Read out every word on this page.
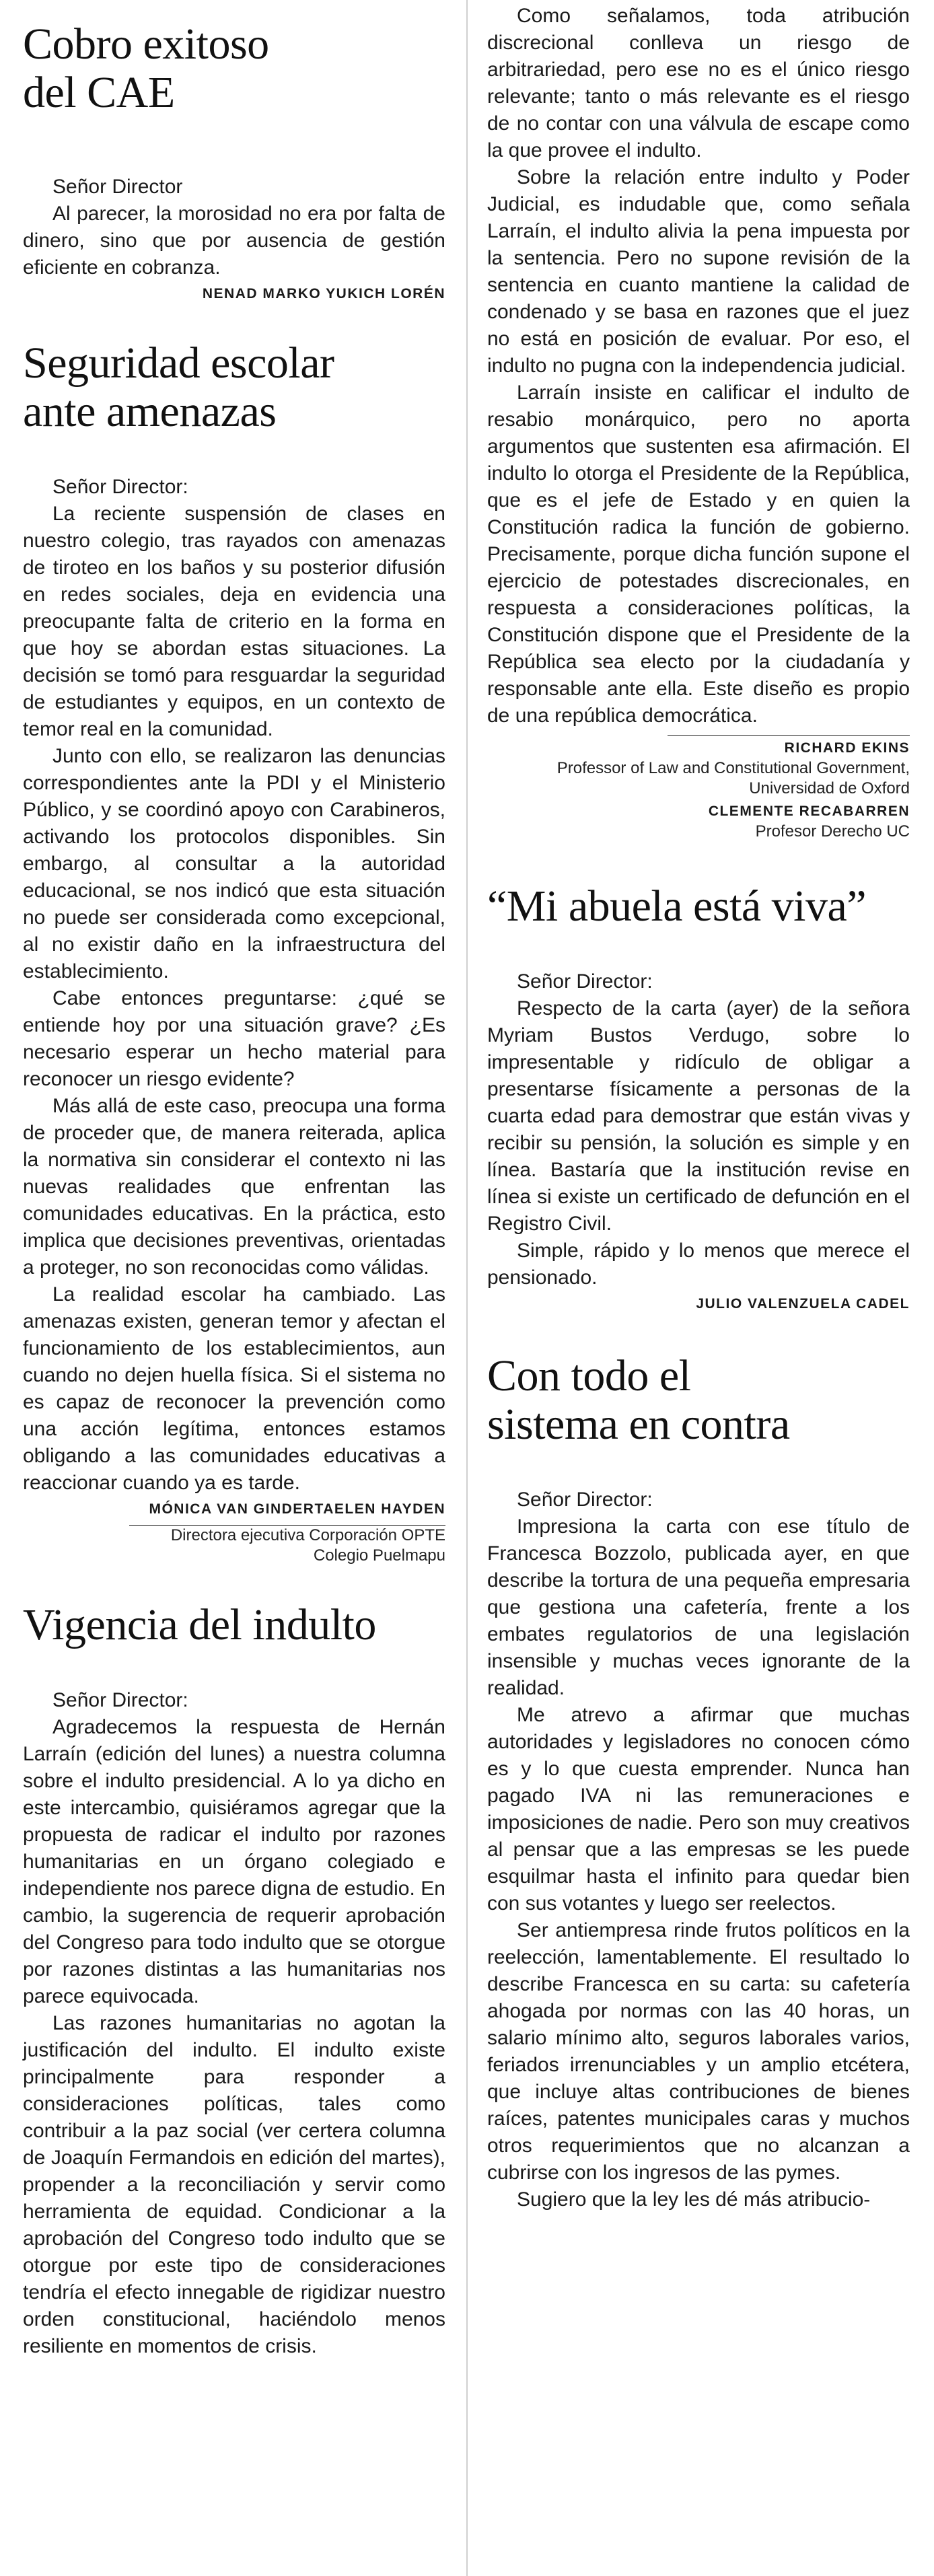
Cobro exitoso
del CAE
Señor Director

Al parecer, la morosidad no era por falta de dinero, sino que por ausencia de gestión eficiente en cobranza.

NENAD MARKO YUKICH LORÉN
Seguridad escolar
ante amenazas
Señor Director:

La reciente suspensión de clases en nuestro colegio, tras rayados con amenazas de tiroteo en los baños y su posterior difusión en redes sociales, deja en evidencia una preocupante falta de criterio en la forma en que hoy se abordan estas situaciones. La decisión se tomó para resguardar la seguridad de estudiantes y equipos, en un contexto de temor real en la comunidad.

Junto con ello, se realizaron las denuncias correspondientes ante la PDI y el Ministerio Público, y se coordinó apoyo con Carabineros, activando los protocolos disponibles. Sin embargo, al consultar a la autoridad educacional, se nos indicó que esta situación no puede ser considerada como excepcional, al no existir daño en la infraestructura del establecimiento.

Cabe entonces preguntarse: ¿qué se entiende hoy por una situación grave? ¿Es necesario esperar un hecho material para reconocer un riesgo evidente?

Más allá de este caso, preocupa una forma de proceder que, de manera reiterada, aplica la normativa sin considerar el contexto ni las nuevas realidades que enfrentan las comunidades educativas. En la práctica, esto implica que decisiones preventivas, orientadas a proteger, no son reconocidas como válidas.

La realidad escolar ha cambiado. Las amenazas existen, generan temor y afectan el funcionamiento de los establecimientos, aun cuando no dejen huella física. Si el sistema no es capaz de reconocer la prevención como una acción legítima, entonces estamos obligando a las comunidades educativas a reaccionar cuando ya es tarde.

MÓNICA VAN GINDERTAELEN HAYDEN
Directora ejecutiva Corporación OPTE
Colegio Puelmapu
Vigencia del indulto
Señor Director:

Agradecemos la respuesta de Hernán Larraín (edición del lunes) a nuestra columna sobre el indulto presidencial. A lo ya dicho en este intercambio, quisiéramos agregar que la propuesta de radicar el indulto por razones humanitarias en un órgano colegiado e independiente nos parece digna de estudio. En cambio, la sugerencia de requerir aprobación del Congreso para todo indulto que se otorgue por razones distintas a las humanitarias nos parece equivocada.

Las razones humanitarias no agotan la justificación del indulto. El indulto existe principalmente para responder a consideraciones políticas, tales como contribuir a la paz social (ver certera columna de Joaquín Fermandois en edición del martes), propender a la reconciliación y servir como herramienta de equidad. Condicionar a la aprobación del Congreso todo indulto que se otorgue por este tipo de consideraciones tendría el efecto innegable de rigidizar nuestro orden constitucional, haciéndolo menos resiliente en momentos de crisis.

Como señalamos, toda atribución discrecional conlleva un riesgo de arbitrariedad, pero ese no es el único riesgo relevante; tanto o más relevante es el riesgo de no contar con una válvula de escape como la que provee el indulto.

Sobre la relación entre indulto y Poder Judicial, es indudable que, como señala Larraín, el indulto alivia la pena impuesta por la sentencia. Pero no supone revisión de la sentencia en cuanto mantiene la calidad de condenado y se basa en razones que el juez no está en posición de evaluar. Por eso, el indulto no pugna con la independencia judicial.

Larraín insiste en calificar el indulto de resabio monárquico, pero no aporta argumentos que sustenten esa afirmación. El indulto lo otorga el Presidente de la República, que es el jefe de Estado y en quien la Constitución radica la función de gobierno. Precisamente, porque dicha función supone el ejercicio de potestades discrecionales, en respuesta a consideraciones políticas, la Constitución dispone que el Presidente de la República sea electo por la ciudadanía y responsable ante ella. Este diseño es propio de una república democrática.

RICHARD EKINS
Professor of Law and Constitutional Government,
Universidad de Oxford
CLEMENTE RECABARREN
Profesor Derecho UC
“Mi abuela está viva”
Señor Director:

Respecto de la carta (ayer) de la señora Myriam Bustos Verdugo, sobre lo impresentable y ridículo de obligar a presentarse físicamente a personas de la cuarta edad para demostrar que están vivas y recibir su pensión, la solución es simple y en línea. Bastaría que la institución revise en línea si existe un certificado de defunción en el Registro Civil.

Simple, rápido y lo menos que merece el pensionado.

JULIO VALENZUELA CADEL
Con todo el
sistema en contra
Señor Director:

Impresiona la carta con ese título de Francesca Bozzolo, publicada ayer, en que describe la tortura de una pequeña empresaria que gestiona una cafetería, frente a los embates regulatorios de una legislación insensible y muchas veces ignorante de la realidad.

Me atrevo a afirmar que muchas autoridades y legisladores no conocen cómo es y lo que cuesta emprender. Nunca han pagado IVA ni las remuneraciones e imposiciones de nadie. Pero son muy creativos al pensar que a las empresas se les puede esquilmar hasta el infinito para quedar bien con sus votantes y luego ser reelectos.

Ser antiempresa rinde frutos políticos en la reelección, lamentablemente. El resultado lo describe Francesca en su carta: su cafetería ahogada por normas con las 40 horas, un salario mínimo alto, seguros laborales varios, feriados irrenunciables y un amplio etcétera, que incluye altas contribuciones de bienes raíces, patentes municipales caras y muchos otros requerimientos que no alcanzan a cubrirse con los ingresos de las pymes.

Sugiero que la ley les dé más atribucio-
